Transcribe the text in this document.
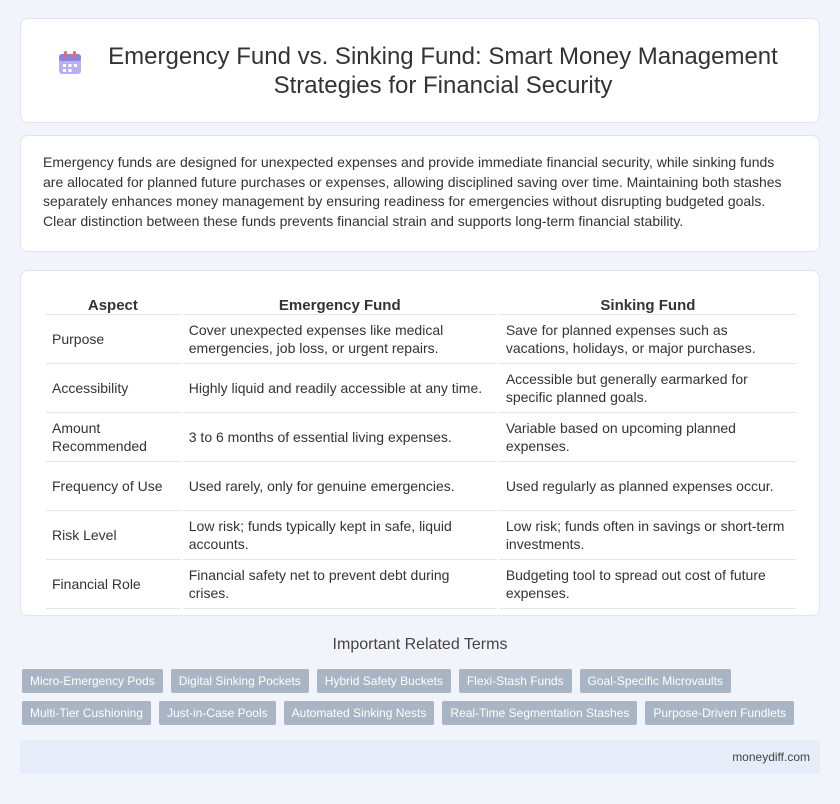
Emergency Fund vs. Sinking Fund: Smart Money Management Strategies for Financial Security

Emergency funds are designed for unexpected expenses and provide immediate financial security, while sinking funds are allocated for planned future purchases or expenses, allowing disciplined saving over time. Maintaining both stashes separately enhances money management by ensuring readiness for emergencies without disrupting budgeted goals. Clear distinction between these funds prevents financial strain and supports long-term financial stability.

Aspect	Emergency Fund	Sinking Fund
Purpose	Cover unexpected expenses like medical emergencies, job loss, or urgent repairs.	Save for planned expenses such as vacations, holidays, or major purchases.
Accessibility	Highly liquid and readily accessible at any time.	Accessible but generally earmarked for specific planned goals.
Amount Recommended	3 to 6 months of essential living expenses.	Variable based on upcoming planned expenses.
Frequency of Use	Used rarely, only for genuine emergencies.	Used regularly as planned expenses occur.
Risk Level	Low risk; funds typically kept in safe, liquid accounts.	Low risk; funds often in savings or short-term investments.
Financial Role	Financial safety net to prevent debt during crises.	Budgeting tool to spread out cost of future expenses.
Important Related Terms
Micro-Emergency Pods	Digital Sinking Pockets	Hybrid Safety Buckets	Flexi-Stash Funds	Goal-Specific Microvaults
Multi-Tier Cushioning	Just-in-Case Pools	Automated Sinking Nests	Real-Time Segmentation Stashes	Purpose-Driven Fundlets
moneydiff.com
